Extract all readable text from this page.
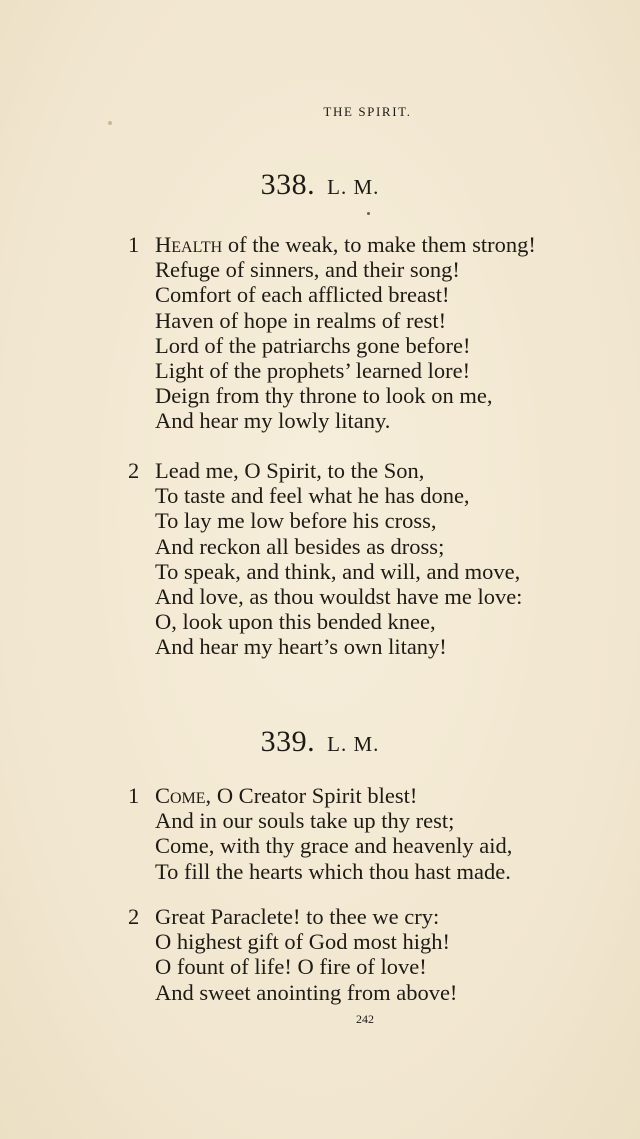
THE SPIRIT.
338. L. M.
1 Health of the weak, to make them strong!
Refuge of sinners, and their song!
Comfort of each afflicted breast!
Haven of hope in realms of rest!
Lord of the patriarchs gone before!
Light of the prophets’ learned lore!
Deign from thy throne to look on me,
And hear my lowly litany.
2 Lead me, O Spirit, to the Son,
To taste and feel what he has done,
To lay me low before his cross,
And reckon all besides as dross;
To speak, and think, and will, and move,
And love, as thou wouldst have me love:
O, look upon this bended knee,
And hear my heart’s own litany!
339. L. M.
1 Come, O Creator Spirit blest!
And in our souls take up thy rest;
Come, with thy grace and heavenly aid,
To fill the hearts which thou hast made.
2 Great Paraclete! to thee we cry:
O highest gift of God most high!
O fount of life! O fire of love!
And sweet anointing from above!
242
